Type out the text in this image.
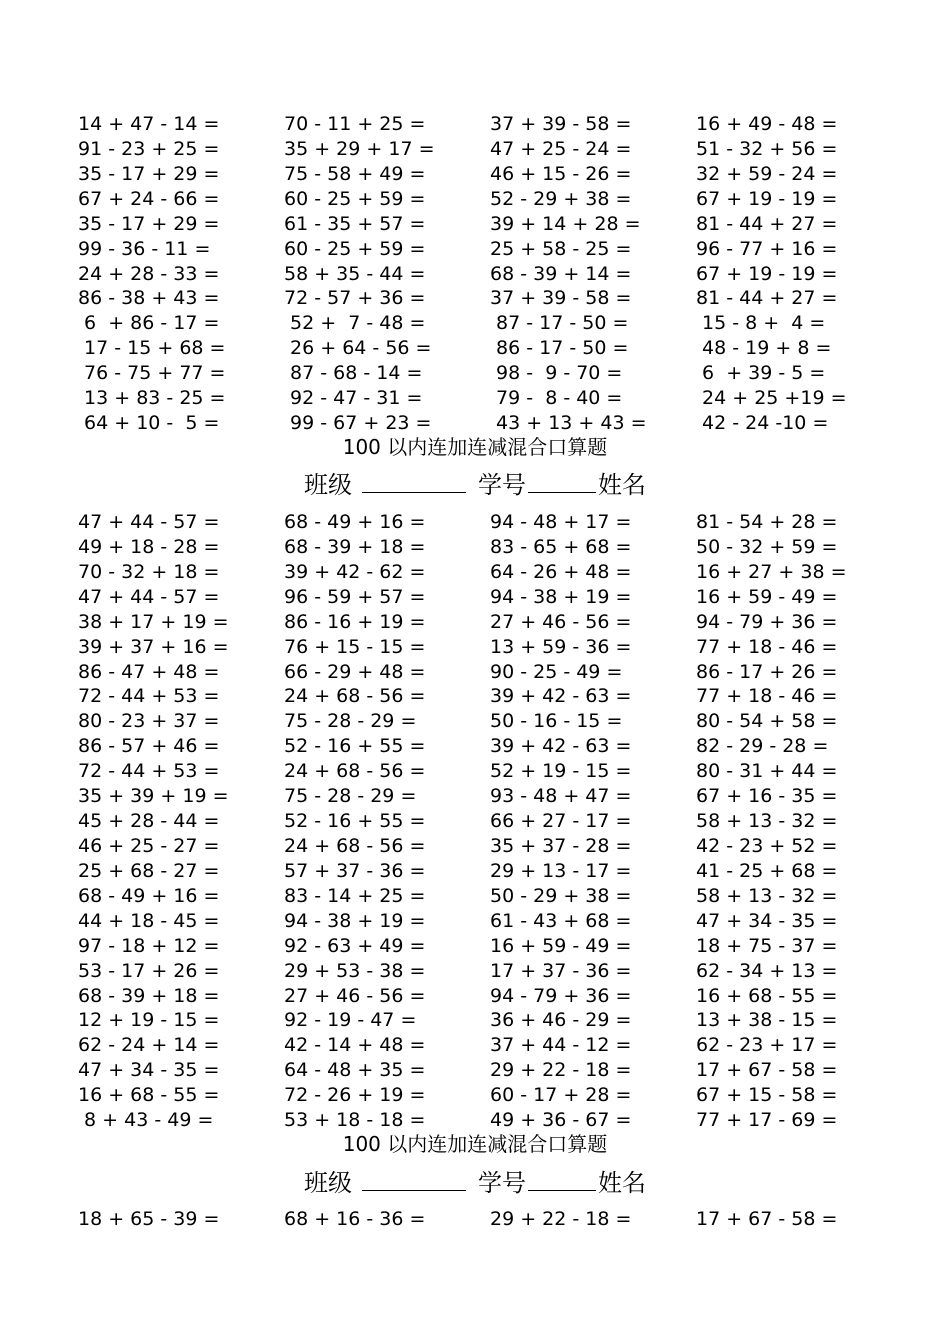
14 + 47 - 14 =	70 - 11 + 25 =	37 + 39 - 58 =	16 + 49 - 48 =
91 - 23 + 25 =	35 + 29 + 17 =	47 + 25 - 24 =	51 - 32 + 56 =
35 - 17 + 29 =	75 - 58 + 49 =	46 + 15 - 26 =	32 + 59 - 24 =
67 + 24 - 66 =	60 - 25 + 59 =	52 - 29 + 38 =	67 + 19 - 19 =
35 - 17 + 29 =	61 - 35 + 57 =	39 + 14 + 28 =	81 - 44 + 27 =
99 - 36 - 11 =	60 - 25 + 59 =	25 + 58 - 25 =	96 - 77 + 16 =
24 + 28 - 33 =	58 + 35 - 44 =	68 - 39 + 14 =	67 + 19 - 19 =
86 - 38 + 43 =	72 - 57 + 36 =	37 + 39 - 58 =	81 - 44 + 27 =
6  + 86 - 17 =	52 +  7 - 48 =	87 - 17 - 50 =	15 - 8 +  4 =
17 - 15 + 68 =	26 + 64 - 56 =	86 - 17 - 50 =	48 - 19 + 8 =
76 - 75 + 77 =	87 - 68 - 14 =	98 -  9 - 70 =	6  + 39 - 5 =
13 + 83 - 25 =	92 - 47 - 31 =	79 -  8 - 40 =	24 + 25 +19 =
64 + 10 -  5 =	99 - 67 + 23 =	43 + 13 + 43 =	42 - 24 -10 =
100 以内连加连减混合口算题
班级	学号	姓名
47 + 44 - 57 =	68 - 49 + 16 =	94 - 48 + 17 =	81 - 54 + 28 =
49 + 18 - 28 =	68 - 39 + 18 =	83 - 65 + 68 =	50 - 32 + 59 =
70 - 32 + 18 =	39 + 42 - 62 =	64 - 26 + 48 =	16 + 27 + 38 =
47 + 44 - 57 =	96 - 59 + 57 =	94 - 38 + 19 =	16 + 59 - 49 =
38 + 17 + 19 =	86 - 16 + 19 =	27 + 46 - 56 =	94 - 79 + 36 =
39 + 37 + 16 =	76 + 15 - 15 =	13 + 59 - 36 =	77 + 18 - 46 =
86 - 47 + 48 =	66 - 29 + 48 =	90 - 25 - 49 =	86 - 17 + 26 =
72 - 44 + 53 =	24 + 68 - 56 =	39 + 42 - 63 =	77 + 18 - 46 =
80 - 23 + 37 =	75 - 28 - 29 =	50 - 16 - 15 =	80 - 54 + 58 =
86 - 57 + 46 =	52 - 16 + 55 =	39 + 42 - 63 =	82 - 29 - 28 =
72 - 44 + 53 =	24 + 68 - 56 =	52 + 19 - 15 =	80 - 31 + 44 =
35 + 39 + 19 =	75 - 28 - 29 =	93 - 48 + 47 =	67 + 16 - 35 =
45 + 28 - 44 =	52 - 16 + 55 =	66 + 27 - 17 =	58 + 13 - 32 =
46 + 25 - 27 =	24 + 68 - 56 =	35 + 37 - 28 =	42 - 23 + 52 =
25 + 68 - 27 =	57 + 37 - 36 =	29 + 13 - 17 =	41 - 25 + 68 =
68 - 49 + 16 =	83 - 14 + 25 =	50 - 29 + 38 =	58 + 13 - 32 =
44 + 18 - 45 =	94 - 38 + 19 =	61 - 43 + 68 =	47 + 34 - 35 =
97 - 18 + 12 =	92 - 63 + 49 =	16 + 59 - 49 =	18 + 75 - 37 =
53 - 17 + 26 =	29 + 53 - 38 =	17 + 37 - 36 =	62 - 34 + 13 =
68 - 39 + 18 =	27 + 46 - 56 =	94 - 79 + 36 =	16 + 68 - 55 =
12 + 19 - 15 =	92 - 19 - 47 =	36 + 46 - 29 =	13 + 38 - 15 =
62 - 24 + 14 =	42 - 14 + 48 =	37 + 44 - 12 =	62 - 23 + 17 =
47 + 34 - 35 =	64 - 48 + 35 =	29 + 22 - 18 =	17 + 67 - 58 =
16 + 68 - 55 =	72 - 26 + 19 =	60 - 17 + 28 =	67 + 15 - 58 =
8 + 43 - 49 =	53 + 18 - 18 =	49 + 36 - 67 =	77 + 17 - 69 =
100 以内连加连减混合口算题
班级	学号	姓名
18 + 65 - 39 =	68 + 16 - 36 =	29 + 22 - 18 =	17 + 67 - 58 =
